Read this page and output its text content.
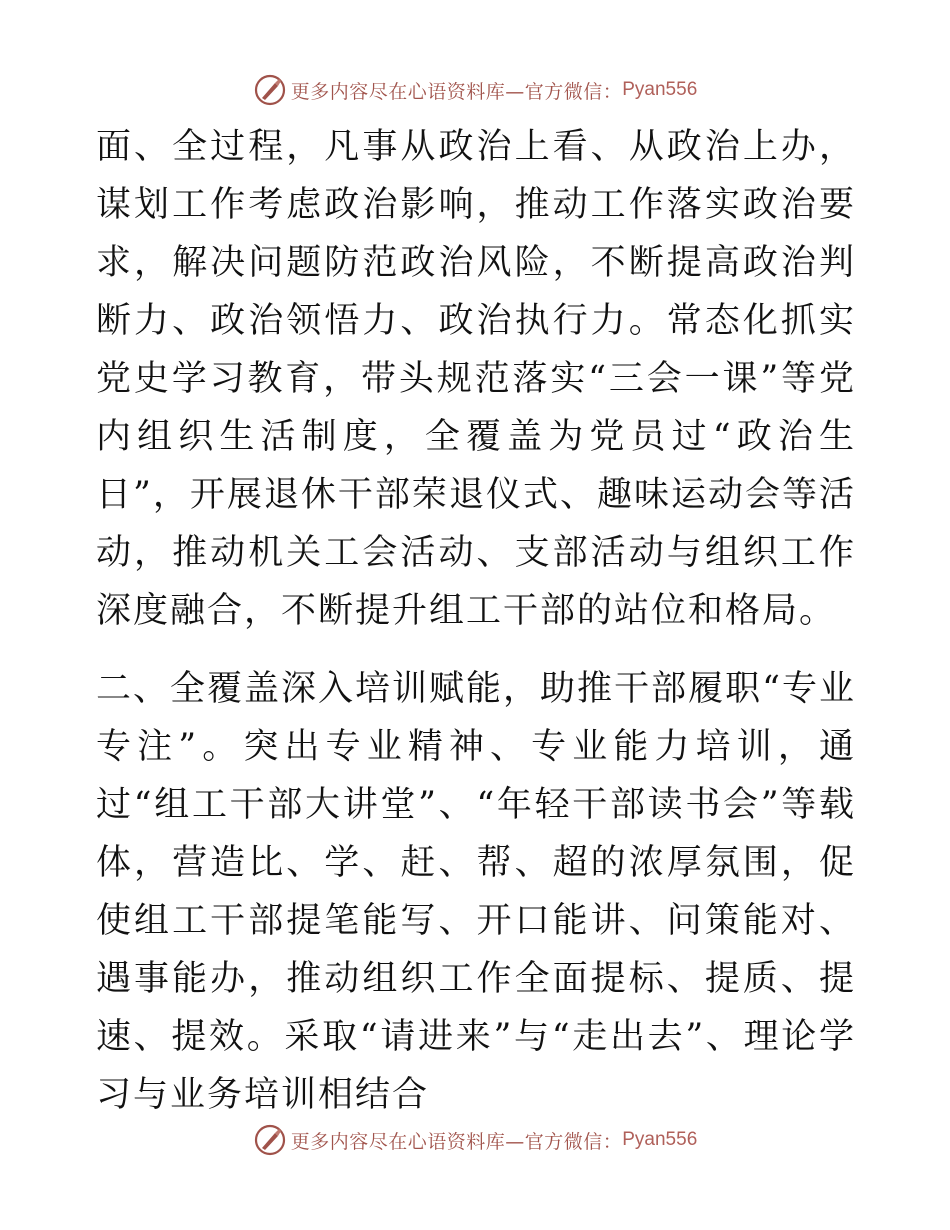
更多内容尽在心语资料库—官方微信： Pyan556

面、全过程，凡事从政治上看、从政治上办，谋划工作考虑政治影响，推动工作落实政治要求，解决问题防范政治风险，不断提高政治判断力、政治领悟力、政治执行力。常态化抓实党史学习教育，带头规范落实“三会一课”等党内组织生活制度，全覆盖为党员过“政治生日”，开展退休干部荣退仪式、趣味运动会等活动，推动机关工会活动、支部活动与组织工作深度融合，不断提升组工干部的站位和格局。

二、全覆盖深入培训赋能，助推干部履职“专业专注”。突出专业精神、专业能力培训，通过“组工干部大讲堂”、“年轻干部读书会”等载体，营造比、学、赶、帮、超的浓厚氛围，促使组工干部提笔能写、开口能讲、问策能对、遇事能办，推动组织工作全面提标、提质、提速、提效。采取“请进来”与“走出去”、理论学习与业务培训相结合

更多内容尽在心语资料库—官方微信： Pyan556
